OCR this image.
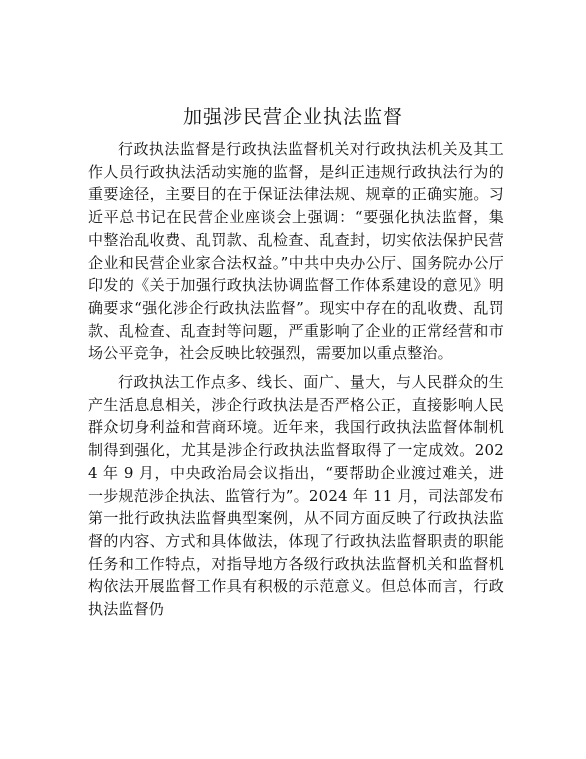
加强涉民营企业执法监督

行政执法监督是行政执法监督机关对行政执法机关及其工作人员行政执法活动实施的监督，是纠正违规行政执法行为的重要途径，主要目的在于保证法律法规、规章的正确实施。习近平总书记在民营企业座谈会上强调：“要强化执法监督，集中整治乱收费、乱罚款、乱检查、乱查封，切实依法保护民营企业和民营企业家合法权益。”中共中央办公厅、国务院办公厅印发的《关于加强行政执法协调监督工作体系建设的意见》明确要求“强化涉企行政执法监督”。现实中存在的乱收费、乱罚款、乱检查、乱查封等问题，严重影响了企业的正常经营和市场公平竞争，社会反映比较强烈，需要加以重点整治。

行政执法工作点多、线长、面广、量大，与人民群众的生产生活息息相关，涉企行政执法是否严格公正，直接影响人民群众切身利益和营商环境。近年来，我国行政执法监督体制机制得到强化，尤其是涉企行政执法监督取得了一定成效。2024 年 9 月，中央政治局会议指出，“要帮助企业渡过难关，进一步规范涉企执法、监管行为”。2024 年 11 月，司法部发布第一批行政执法监督典型案例，从不同方面反映了行政执法监督的内容、方式和具体做法，体现了行政执法监督职责的职能任务和工作特点，对指导地方各级行政执法监督机关和监督机构依法开展监督工作具有积极的示范意义。但总体而言，行政执法监督仍
